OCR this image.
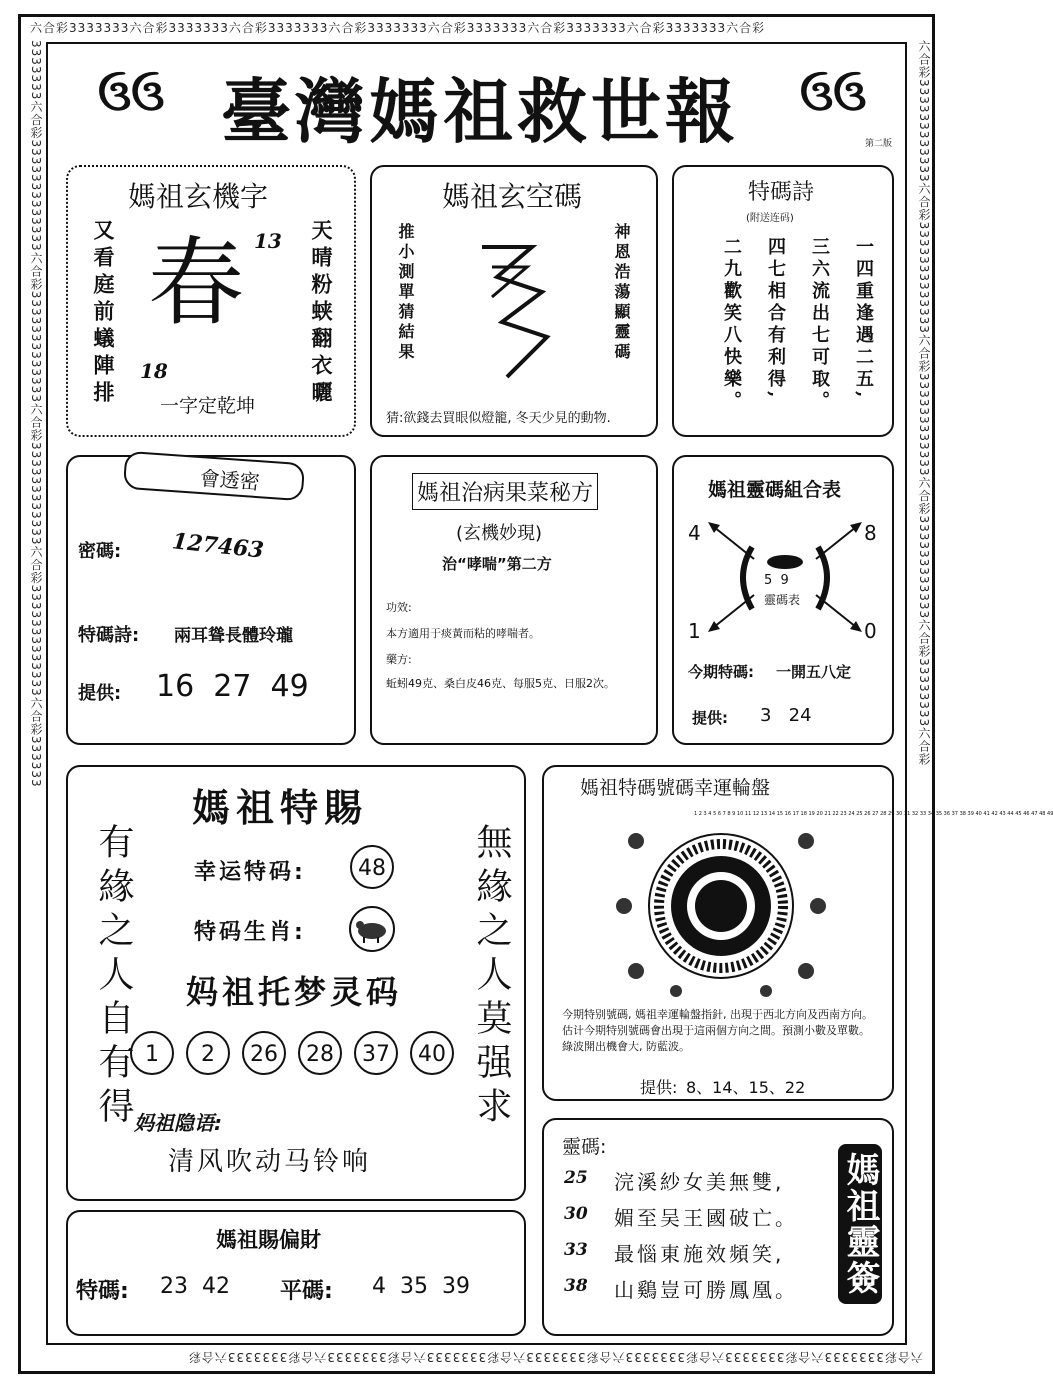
六合彩3333333六合彩3333333六合彩3333333六合彩3333333六合彩3333333六合彩3333333六合彩3333333六合彩
六合彩3333333六合彩3333333六合彩3333333六合彩3333333六合彩3333333六合彩3333333六合彩3333333六合彩
3333333六合彩3333333333333六合彩3333333333333六合彩333333333333六合彩3333333333333六合彩333333	六合彩333333333333六合彩3333333333333六合彩333333333333六合彩333333333333六合彩33333333六合彩
ઉઉ 臺灣媽祖救世報 ઉઉ
第二版
媽祖玄機字
又看庭前蟻陣排	天晴粉蛱翻衣曬
春 13
18
一字定乾坤
媽祖玄空碼
推小測單猜結果	神恩浩蕩顯靈碼
猜:欲錢去買眼似燈籠, 冬天少見的動物.
特碼詩
(附送连码)
一四重逢遇二五,
三六流出七可取。
四七相合有利得,
二九歡笑八快樂。
會透密
密碼: 127463
特碼詩: 兩耳聳長體玲瓏
提供: 16  27  49
媽祖治病果菜秘方
(玄機妙現)
治“哮喘”第二方
功效:
本方適用于痰黃而粘的哮喘者。
藥方:
蚯蚓49克、桑白皮46克、每服5克、日服2次。
媽祖靈碼組合表
4	8
1	0
5  9
靈碼表
今期特碼: 一開五八定
提供: 3   24
媽祖特賜
有緣之人自有得	無緣之人莫强求
幸运特码:	48
特码生肖:
妈祖托梦灵码
1	2	26	28	37	40
妈祖隐语:
清风吹动马铃响
媽祖特碼號碼幸運輪盤
1 2 3 4 5 6 7 8 9 10 11 12 13 14 15 16 17 18 19 20 21 22 23 24 25 26 27 28 29 30 31 32 33 34 35 36 37 38 39 40 41 42 43 44 45 46 47 48 49
今期特别號碼, 媽祖幸運輪盤指針, 出現于西北方向及西南方向。估计今期特别號碼會出現于這兩個方向之間。預測小數及單數。綠波開出機會大, 防藍波。
提供: 8、14、15、22
媽祖賜偏財
特碼: 23  42 平碼: 4  35  39
靈碼:
25 浣溪紗女美無雙,
30 媚至吴王國破亡。
33 最惱東施效頻笑,
38 山鷄豈可勝鳳凰。 媽祖靈簽
